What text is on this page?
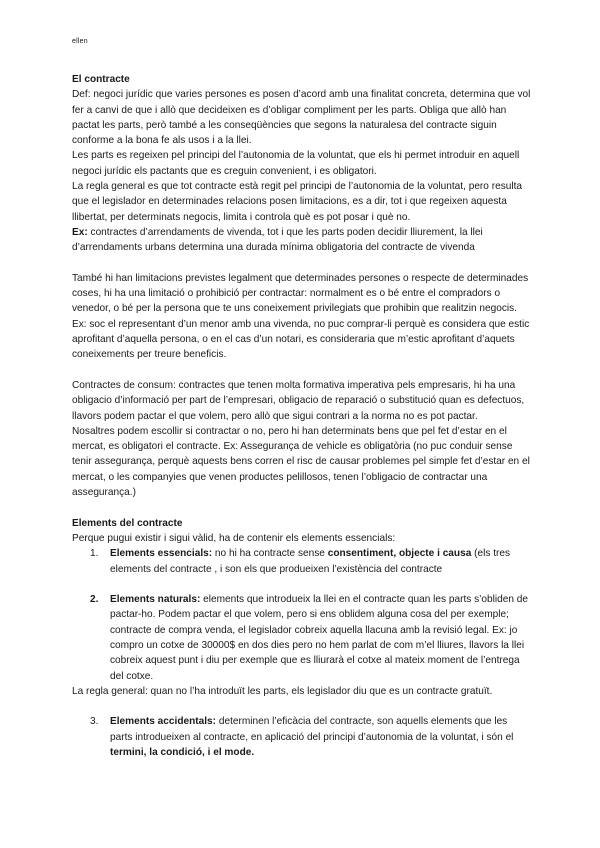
ellen

El contracte

Def: negoci jurídic que varies persones es posen d’acord amb una finalitat concreta, determina que vol fer a canvi de que i allò que decideixen es d’obligar compliment per les parts. Obliga que allò han pactat les parts, però també a les conseqüències que segons la naturalesa del contracte siguin conforme a la bona fe als usos i a la llei.

Les parts es regeixen pel principi del l’autonomia de la voluntat, que els hi permet introduir en aquell negoci jurídic els pactants que es creguin convenient, i es obligatori.

La regla general es que tot contracte està regit pel principi de l’autonomia de la voluntat, pero resulta que el legislador en determinades relacions posen limitacions, es a dir, tot i que regeixen aquesta llibertat, per determinats negocis, limita i controla què es pot posar i què no.

Ex: contractes d’arrendaments de vivenda, tot i que les parts poden decidir lliurement, la llei d’arrendaments urbans determina una durada mínima obligatoria del contracte de vivenda

També hi han limitacions previstes legalment que determinades persones o respecte de determinades coses, hi ha una limitació o prohibició per contractar: normalment es o bé entre el compradors o venedor, o bé per la persona que te uns coneixement privilegiats que prohibin que realitzin negocis. Ex: soc el representant d’un menor amb una vivenda, no puc comprar-li perquè es considera que estic aprofitant d’aquella persona, o en el cas d’un notari, es consideraria que m’estic aprofitant d’aquets coneixements per treure beneficis.

Contractes de consum: contractes que tenen molta formativa imperativa pels empresaris, hi ha una obligacio d’informació per part de l’empresari, obligacio de reparació o substitució quan es defectuos, llavors podem pactar el que volem, pero allò que sigui contrari a la norma no es pot pactar.

Nosaltres podem escollir si contractar o no, pero hi han determinats bens que pel fet d’estar en el mercat, es obligatori el contracte. Ex: Assegurança de vehicle es obligatòria (no puc conduir sense tenir assegurança, perquè aquests bens corren el risc de causar problemes pel simple fet d’estar en el mercat, o les companyies que venen productes pelillosos, tenen l’obligacio de contractar una assegurança.)

Elements del contracte

Perque pugui existir i sigui vàlid, ha de contenir els elements essencials:

1. Elements essencials: no hi ha contracte sense consentiment, objecte i causa (els tres elements del contracte , i son els que produeixen l’existència del contracte
2. Elements naturals: elements que introdueix la llei en el contracte quan les parts s’obliden de pactar-ho. Podem pactar el que volem, pero si ens oblidem alguna cosa del per exemple; contracte de compra venda, el legislador cobreix aquella llacuna amb la revisió legal. Ex: jo compro un cotxe de 30000$ en dos dies pero no hem parlat de com m’el lliures, llavors la llei cobreix aquest punt i diu per exemple que es lliurarà el cotxe al mateix moment de l’entrega del cotxe.

La regla general: quan no l’ha introduït les parts, els legislador diu que es un contracte gratuït.

3. Elements accidentals: determinen l’eficàcia del contracte, son aquells elements que les parts introdueixen al contracte, en aplicació del principi d’autonomia de la voluntat, i són el termini, la condició, i el mode.
